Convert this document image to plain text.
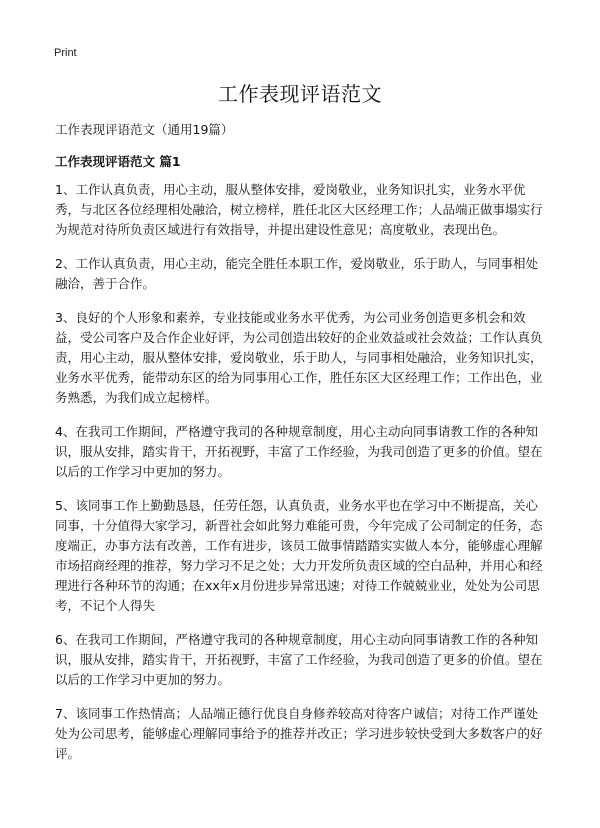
Print
工作表现评语范文
工作表现评语范文（通用19篇）
工作表现评语范文 篇1

1、工作认真负责，用心主动，服从整体安排，爱岗敬业，业务知识扎实，业务水平优秀，与北区各位经理相处融洽，树立榜样，胜任北区大区经理工作；人品端正做事塌实行为规范对待所负责区域进行有效指导，并提出建设性意见；高度敬业，表现出色。

2、工作认真负责，用心主动，能完全胜任本职工作，爱岗敬业，乐于助人，与同事相处融洽，善于合作。

3、良好的个人形象和素养，专业技能或业务水平优秀，为公司业务创造更多机会和效益，受公司客户及合作企业好评，为公司创造出较好的企业效益或社会效益；工作认真负责，用心主动，服从整体安排，爱岗敬业，乐于助人，与同事相处融洽，业务知识扎实，业务水平优秀，能带动东区的给为同事用心工作，胜任东区大区经理工作；工作出色，业务熟悉，为我们成立起榜样。

4、在我司工作期间，严格遵守我司的各种规章制度，用心主动向同事请教工作的各种知识，服从安排，踏实肯干，开拓视野，丰富了工作经验，为我司创造了更多的价值。望在以后的工作学习中更加的努力。

5、该同事工作上勤勤恳恳，任劳任怨，认真负责，业务水平也在学习中不断提高，关心同事，十分值得大家学习，新晋社会如此努力难能可贵，今年完成了公司制定的任务，态度端正，办事方法有改善，工作有进步，该员工做事情踏踏实实做人本分，能够虚心理解市场招商经理的推荐，努力学习不足之处；大力开发所负责区域的空白品种，并用心和经理进行各种环节的沟通；在xx年x月份进步异常迅速；对待工作兢兢业业，处处为公司思考，不记个人得失

6、在我司工作期间，严格遵守我司的各种规章制度，用心主动向同事请教工作的各种知识，服从安排，踏实肯干，开拓视野，丰富了工作经验，为我司创造了更多的价值。望在以后的工作学习中更加的努力。

7、该同事工作热情高；人品端正德行优良自身修养较高对待客户诚信；对待工作严谨处处为公司思考，能够虚心理解同事给予的推荐并改正；学习进步较快受到大多数客户的好评。
